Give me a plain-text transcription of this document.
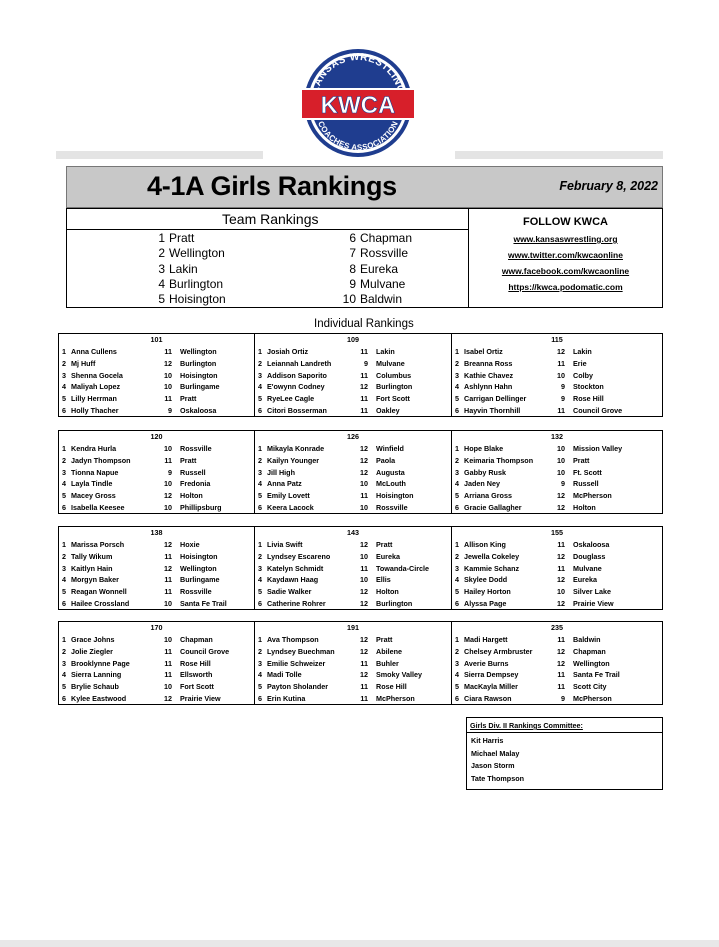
ANSAS WRESTLIN
COACHES ASSOCIATION
KWCA
4-1A Girls Rankings	February 8, 2022
Team Rankings
1 Pratt
2 Wellington
3 Lakin
4 Burlington
5 Hoisington
6 Chapman
7 Rossville
8 Eureka
9 Mulvane
10 Baldwin
FOLLOW KWCA
www.kansaswrestling.org
www.twitter.com/kwcaonline
www.facebook.com/kwcaonline
https://kwca.podomatic.com
Individual Rankings
101
1 Anna Cullens	11 Wellington
2 Mj Huff	12 Burlington
3 Shenna Gocela	10 Hoisington
4 Maliyah Lopez	10 Burlingame
5 Lilly Herrman	11 Pratt
6 Holly Thacher	9 Oskaloosa
109
1 Josiah Ortiz	11 Lakin
2 Leiannah Landreth	9 Mulvane
3 Addison Saporito	11 Columbus
4 E'owynn Codney	12 Burlington
5 RyeLee Cagle	11 Fort Scott
6 Citori Bosserman	11 Oakley
115
1 Isabel Ortiz	12 Lakin
2 Breanna Ross	11 Erie
3 Kathie Chavez	10 Colby
4 Ashlynn Hahn	9 Stockton
5 Carrigan Dellinger	9 Rose Hill
6 Hayvin Thornhill	11 Council Grove
120
1 Kendra Hurla	10 Rossville
2 Jadyn Thompson	11 Pratt
3 Tionna Napue	9 Russell
4 Layla Tindle	10 Fredonia
5 Macey Gross	12 Holton
6 Isabella Keesee	10 Phillipsburg
126
1 Mikayla Konrade	12 Winfield
2 Kailyn Younger	12 Paola
3 Jill High	12 Augusta
4 Anna Patz	10 McLouth
5 Emily Lovett	11 Hoisington
6 Keera Lacock	10 Rossville
132
1 Hope Blake	10 Mission Valley
2 Keimaria Thompson	10 Pratt
3 Gabby Rusk	10 Ft. Scott
4 Jaden Ney	9 Russell
5 Arriana Gross	12 McPherson
6 Gracie Gallagher	12 Holton
138
1 Marissa Porsch	12 Hoxie
2 Tally Wikum	11 Hoisington
3 Kaitlyn Hain	12 Wellington
4 Morgyn Baker	11 Burlingame
5 Reagan Wonnell	11 Rossville
6 Hailee Crossland	10 Santa Fe Trail
143
1 Livia Swift	12 Pratt
2 Lyndsey Escareno	10 Eureka
3 Katelyn Schmidt	11 Towanda-Circle
4 Kaydawn Haag	10 Ellis
5 Sadie Walker	12 Holton
6 Catherine Rohrer	12 Burlington
155
1 Allison King	11 Oskaloosa
2 Jewella Cokeley	12 Douglass
3 Kammie Schanz	11 Mulvane
4 Skylee Dodd	12 Eureka
5 Hailey Horton	10 Silver Lake
6 Alyssa Page	12 Prairie View
170
1 Grace Johns	10 Chapman
2 Jolie Ziegler	11 Council Grove
3 Brooklynne Page	11 Rose Hill
4 Sierra Lanning	11 Ellsworth
5 Brylie Schaub	10 Fort Scott
6 Kylee Eastwood	12 Prairie View
191
1 Ava Thompson	12 Pratt
2 Lyndsey Buechman	12 Abilene
3 Emilie Schweizer	11 Buhler
4 Madi Tolle	12 Smoky Valley
5 Payton Sholander	11 Rose Hill
6 Erin Kutina	11 McPherson
235
1 Madi Hargett	11 Baldwin
2 Chelsey Armbruster	12 Chapman
3 Averie Burns	12 Wellington
4 Sierra Dempsey	11 Santa Fe Trail
5 MacKayla Miller	11 Scott City
6 Ciara Rawson	9 McPherson
Girls Div. II Rankings Committee:
Kit Harris
Michael Malay
Jason Storm
Tate Thompson
